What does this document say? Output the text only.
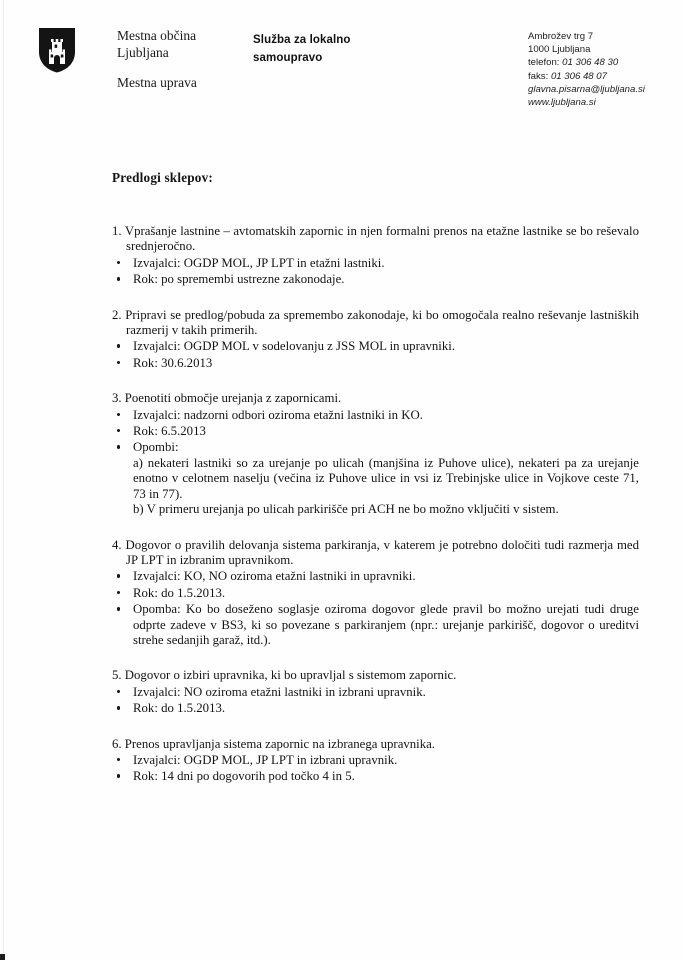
Mestna občina
Ljubljana
Mestna uprava
Služba za lokalno
samoupravo
Ambrožev trg 7
1000 Ljubljana
telefon: 01 306 48 30
faks: 01 306 48 07
glavna.pisarna@ljubljana.si
www.ljubljana.si
Predlogi sklepov:

1. Vprašanje lastnine – avtomatskih zapornic in njen formalni prenos na etažne lastnike se bo reševalo srednjeročno.

Izvajalci: OGDP MOL, JP LPT in etažni lastniki.
Rok: po spremembi ustrezne zakonodaje.

2. Pripravi se predlog/pobuda za spremembo zakonodaje, ki bo omogočala realno reševanje lastniških razmerij v takih primerih.

Izvajalci: OGDP MOL v sodelovanju z JSS MOL in upravniki.
Rok: 30.6.2013

3. Poenotiti območje urejanja z zapornicami.

Izvajalci: nadzorni odbori oziroma etažni lastniki in KO.
Rok: 6.5.2013
Opombi:
a) nekateri lastniki so za urejanje po ulicah (manjšina iz Puhove ulice), nekateri pa za urejanje enotno v celotnem naselju (večina iz Puhove ulice in vsi iz Trebinjske ulice in Vojkove ceste 71, 73 in 77).
b) V primeru urejanja po ulicah parkirišče pri ACH ne bo možno vključiti v sistem.

4. Dogovor o pravilih delovanja sistema parkiranja, v katerem je potrebno določiti tudi razmerja med JP LPT in izbranim upravnikom.

Izvajalci: KO, NO oziroma etažni lastniki in upravniki.
Rok: do 1.5.2013.
Opomba: Ko bo doseženo soglasje oziroma dogovor glede pravil bo možno urejati tudi druge odprte zadeve v BS3, ki so povezane s parkiranjem (npr.: urejanje parkirišč, dogovor o ureditvi strehe sedanjih garaž, itd.).

5. Dogovor o izbiri upravnika, ki bo upravljal s sistemom zapornic.

Izvajalci: NO oziroma etažni lastniki in izbrani upravnik.
Rok: do 1.5.2013.

6. Prenos upravljanja sistema zapornic na izbranega upravnika.

Izvajalci: OGDP MOL, JP LPT in izbrani upravnik.
Rok: 14 dni po dogovorih pod točko 4 in 5.
